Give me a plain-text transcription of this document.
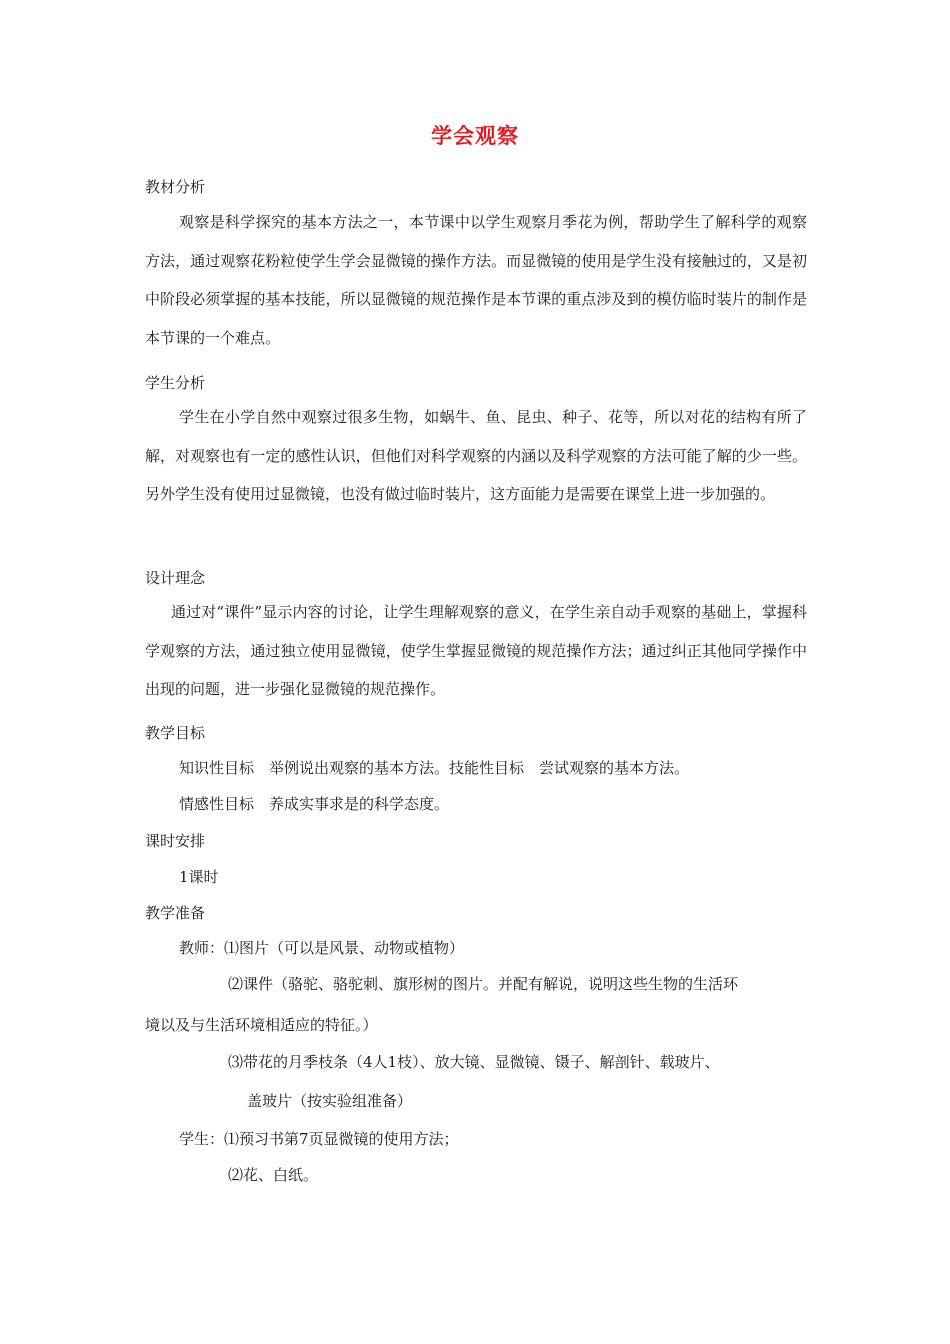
学会观察
教材分析
观察是科学探究的基本方法之一，本节课中以学生观察月季花为例，帮助学生了解科学的观察方法，通过观察花粉粒使学生学会显微镜的操作方法。而显微镜的使用是学生没有接触过的，又是初中阶段必须掌握的基本技能，所以显微镜的规范操作是本节课的重点涉及到的模仿临时装片的制作是本节课的一个难点。
学生分析
学生在小学自然中观察过很多生物，如蜗牛、鱼、昆虫、种子、花等，所以对花的结构有所了解，对观察也有一定的感性认识，但他们对科学观察的内涵以及科学观察的方法可能了解的少一些。另外学生没有使用过显微镜，也没有做过临时装片，这方面能力是需要在课堂上进一步加强的。
设计理念
通过对“课件”显示内容的讨论，让学生理解观察的意义，在学生亲自动手观察的基础上，掌握科学观察的方法，通过独立使用显微镜，使学生掌握显微镜的规范操作方法；通过纠正其他同学操作中出现的问题，进一步强化显微镜的规范操作。
教学目标
知识性目标　举例说出观察的基本方法。技能性目标　尝试观察的基本方法。
情感性目标　养成实事求是的科学态度。
课时安排
1课时
教学准备
教师：⑴图片（可以是风景、动物或植物）
⑵课件（骆驼、骆驼刺、旗形树的图片。并配有解说，说明这些生物的生活环
境以及与生活环境相适应的特征。）
⑶带花的月季枝条（4人1枝）、放大镜、显微镜、镊子、解剖针、载玻片、
盖玻片（按实验组准备）
学生：⑴预习书第7页显微镜的使用方法；
⑵花、白纸。
